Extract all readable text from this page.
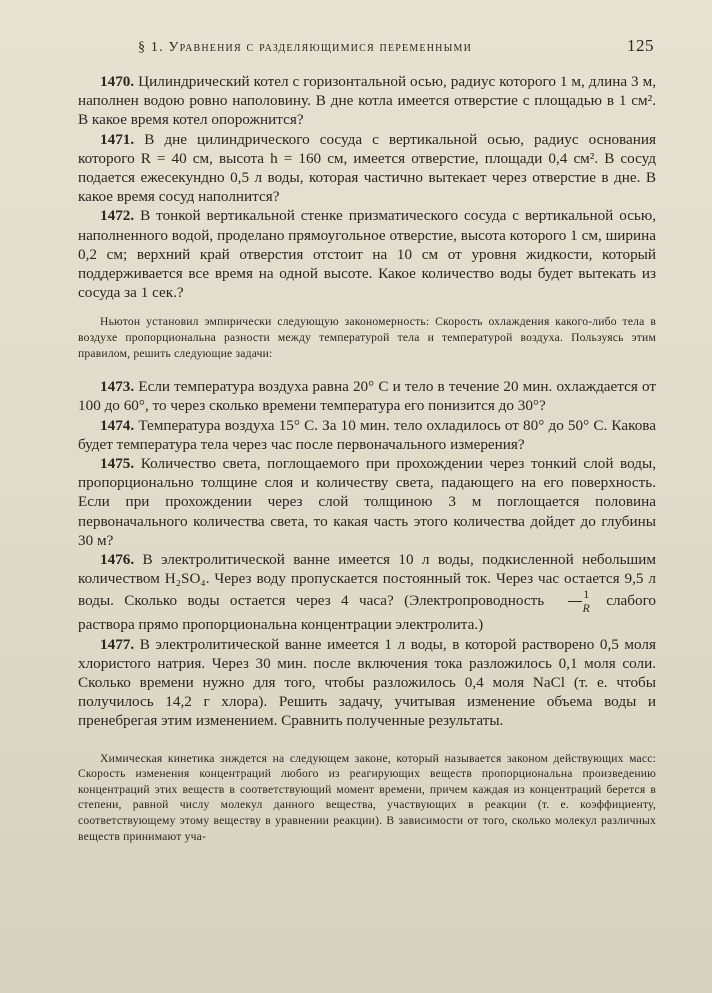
§ 1. Уравнения с разделяющимися переменными	125

1470. Цилиндрический котел с горизонтальной осью, радиус которого 1 м, длина 3 м, наполнен водою ровно наполовину. В дне котла имеется отверстие с площадью в 1 см². В какое время котел опорожнится?

1471. В дне цилиндрического сосуда с вертикальной осью, радиус основания которого R = 40 см, высота h = 160 см, имеется отверстие, площади 0,4 см². В сосуд подается ежесекундно 0,5 л воды, которая частично вытекает через отверстие в дне. В какое время сосуд наполнится?

1472. В тонкой вертикальной стенке призматического сосуда с вертикальной осью, наполненного водой, проделано прямоугольное отверстие, высота которого 1 см, ширина 0,2 см; верхний край отверстия отстоит на 10 см от уровня жидкости, который поддерживается все время на одной высоте. Какое количество воды будет вытекать из сосуда за 1 сек.?

Ньютон установил эмпирически следующую закономерность: Скорость охлаждения какого-либо тела в воздухе пропорциональна разности между температурой тела и температурой воздуха. Пользуясь этим правилом, решить следующие задачи:

1473. Если температура воздуха равна 20° C и тело в течение 20 мин. охлаждается от 100 до 60°, то через сколько времени температура его понизится до 30°?

1474. Температура воздуха 15° C. За 10 мин. тело охладилось от 80° до 50° C. Какова будет температура тела через час после первоначального измерения?

1475. Количество света, поглощаемого при прохождении через тонкий слой воды, пропорционально толщине слоя и количеству света, падающего на его поверхность. Если при прохождении через слой толщиною 3 м поглощается половина первоначального количества света, то какая часть этого количества дойдет до глубины 30 м?

1476. В электролитической ванне имеется 10 л воды, подкисленной небольшим количеством H₂SO₄. Через воду пропускается постоянный ток. Через час остается 9,5 л воды. Сколько воды остается через 4 часа? (Электропроводность $\frac{1}{R}$ слабого раствора прямо пропорциональна концентрации электролита.)

1477. В электролитической ванне имеется 1 л воды, в которой растворено 0,5 моля хлористого натрия. Через 30 мин. после включения тока разложилось 0,1 моля соли. Сколько времени нужно для того, чтобы разложилось 0,4 моля NaCl (т. е. чтобы получилось 14,2 г хлора). Решить задачу, учитывая изменение объема воды и пренебрегая этим изменением. Сравнить полученные результаты.

Химическая кинетика зиждется на следующем законе, который называется законом действующих масс: Скорость изменения концентраций любого из реагирующих веществ пропорциональна произведению концентраций этих веществ в соответствующий момент времени, причем каждая из концентраций берется в степени, равной числу молекул данного вещества, участвующих в реакции (т. е. коэффициенту, соответствующему этому веществу в уравнении реакции). В зависимости от того, сколько молекул различных веществ принимают уча-
